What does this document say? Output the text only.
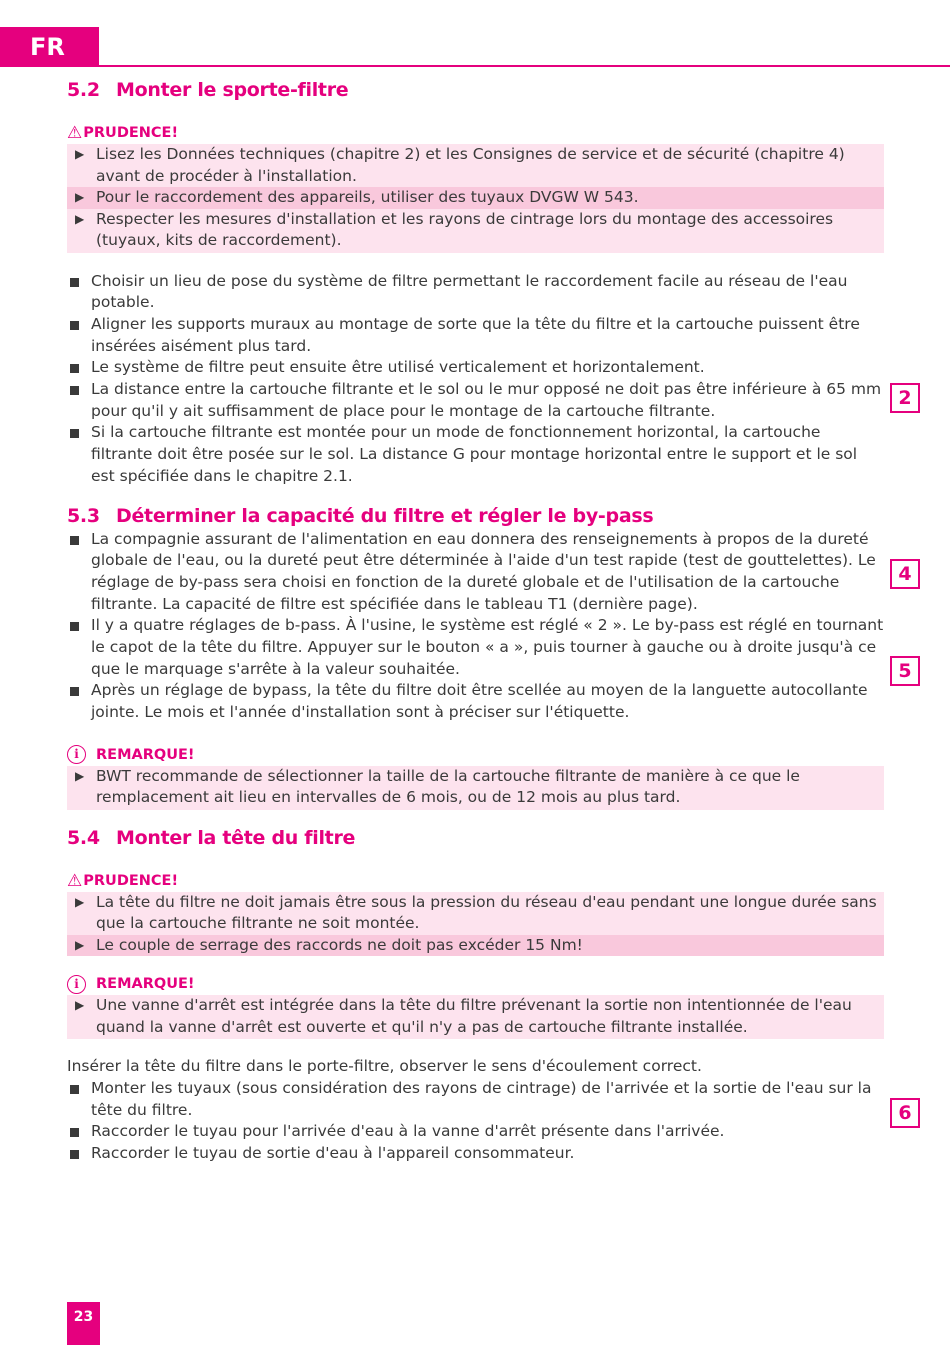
FR
5.2 Monter le sporte-filtre
⚠ PRUDENCE!
▶ Lisez les Données techniques (chapitre 2) et les Consignes de service et de sécurité (chapitre 4) avant de procéder à l'installation.
▶ Pour le raccordement des appareils, utiliser des tuyaux DVGW W 543.
▶ Respecter les mesures d'installation et les rayons de cintrage lors du montage des accessoires (tuyaux, kits de raccordement).
Choisir un lieu de pose du système de filtre permettant le raccordement facile au réseau de l'eau potable.
Aligner les supports muraux au montage de sorte que la tête du filtre et la cartouche puissent être insérées aisément plus tard.
Le système de filtre peut ensuite être utilisé verticalement et horizontalement.
La distance entre la cartouche filtrante et le sol ou le mur opposé ne doit pas être inférieure à 65 mm pour qu'il y ait suffisamment de place pour le montage de la cartouche filtrante.
Si la cartouche filtrante est montée pour un mode de fonctionnement horizontal, la cartouche filtrante doit être posée sur le sol. La distance G pour montage horizontal entre le support et le sol est spécifiée dans le chapitre 2.1.
5.3 Déterminer la capacité du filtre et régler le by-pass
La compagnie assurant de l'alimentation en eau donnera des renseignements à propos de la dureté globale de l'eau, ou la dureté peut être déterminée à l'aide d'un test rapide (test de gouttelettes). Le réglage de by-pass sera choisi en fonction de la dureté globale et de l'utilisation de la cartouche filtrante. La capacité de filtre est spécifiée dans le tableau T1 (dernière page).
Il y a quatre réglages de b-pass. À l'usine, le système est réglé « 2 ». Le by-pass est réglé en tournant le capot de la tête du filtre. Appuyer sur le bouton « a », puis tourner à gauche ou à droite jusqu'à ce que le marquage s'arrête à la valeur souhaitée.
Après un réglage de bypass, la tête du filtre doit être scellée au moyen de la languette autocollante jointe. Le mois et l'année d'installation sont à préciser sur l'étiquette.
i	REMARQUE!
▶ BWT recommande de sélectionner la taille de la cartouche filtrante de manière à ce que le remplacement ait lieu en intervalles de 6 mois, ou de 12 mois au plus tard.
5.4 Monter la tête du filtre
⚠ PRUDENCE!
▶ La tête du filtre ne doit jamais être sous la pression du réseau d'eau pendant une longue durée sans que la cartouche filtrante ne soit montée.
▶ Le couple de serrage des raccords ne doit pas excéder 15 Nm!
i	REMARQUE!
▶ Une vanne d'arrêt est intégrée dans la tête du filtre prévenant la sortie non intentionnée de l'eau quand la vanne d'arrêt est ouverte et qu'il n'y a pas de cartouche filtrante installée.

Insérer la tête du filtre dans le porte-filtre, observer le sens d'écoulement correct.

Monter les tuyaux (sous considération des rayons de cintrage) de l'arrivée et la sortie de l'eau sur la tête du filtre.
Raccorder le tuyau pour l'arrivée d'eau à la vanne d'arrêt présente dans l'arrivée.
Raccorder le tuyau de sortie d'eau à l'appareil consommateur.
2
4
5
6
23
